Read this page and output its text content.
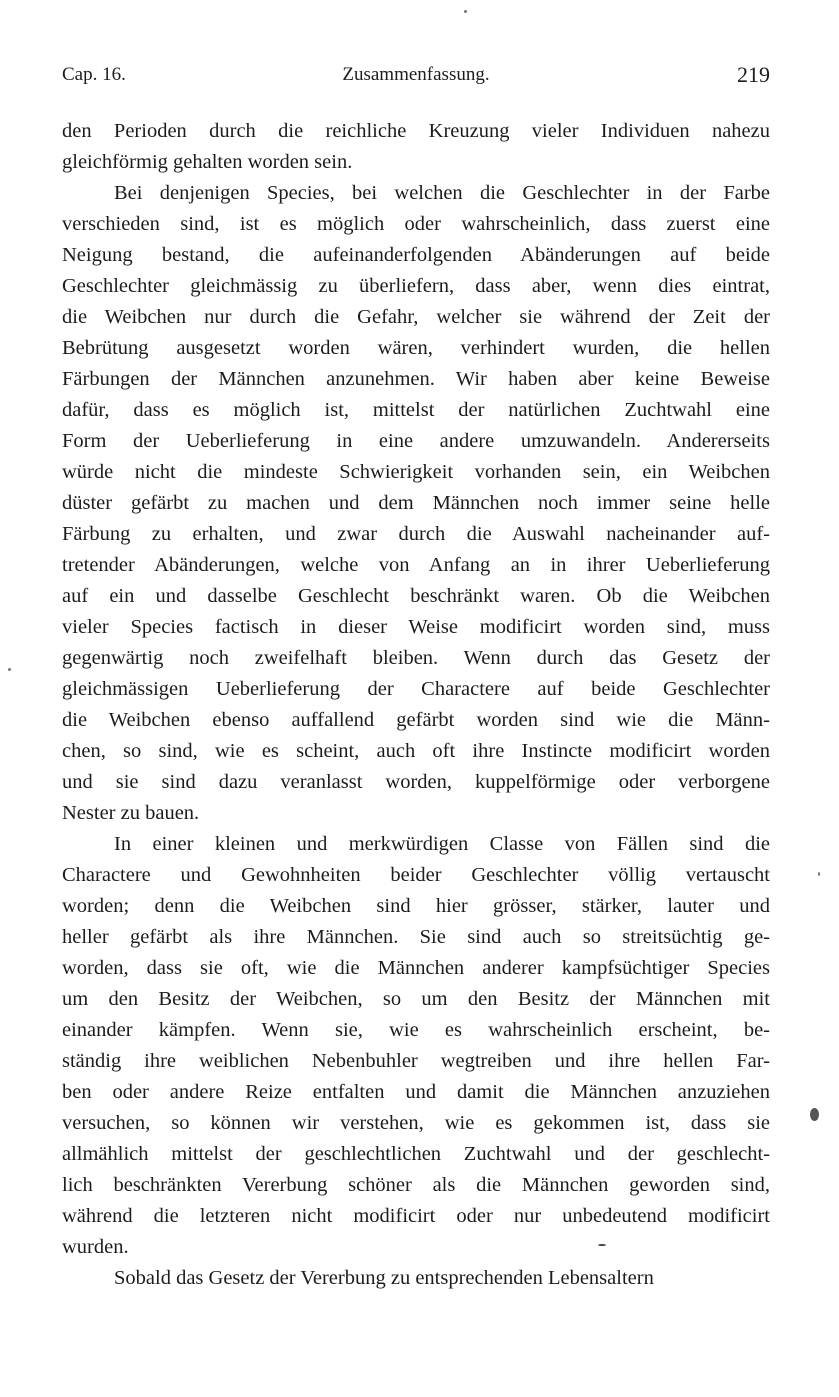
Cap. 16.	Zusammenfassung.	219
den Perioden durch die reichliche Kreuzung vieler Individuen nahezu
gleichförmig gehalten worden sein.
Bei denjenigen Species, bei welchen die Geschlechter in der Farbe
verschieden sind, ist es möglich oder wahrscheinlich, dass zuerst eine
Neigung bestand, die aufeinanderfolgenden Abänderungen auf beide
Geschlechter gleichmässig zu überliefern, dass aber, wenn dies eintrat,
die Weibchen nur durch die Gefahr, welcher sie während der Zeit der
Bebrütung ausgesetzt worden wären, verhindert wurden, die hellen
Färbungen der Männchen anzunehmen. Wir haben aber keine Beweise
dafür, dass es möglich ist, mittelst der natürlichen Zuchtwahl eine
Form der Ueberlieferung in eine andere umzuwandeln. Andererseits
würde nicht die mindeste Schwierigkeit vorhanden sein, ein Weibchen
düster gefärbt zu machen und dem Männchen noch immer seine helle
Färbung zu erhalten, und zwar durch die Auswahl nacheinander auf-
tretender Abänderungen, welche von Anfang an in ihrer Ueberlieferung
auf ein und dasselbe Geschlecht beschränkt waren. Ob die Weibchen
vieler Species factisch in dieser Weise modificirt worden sind, muss
gegenwärtig noch zweifelhaft bleiben. Wenn durch das Gesetz der
gleichmässigen Ueberlieferung der Charactere auf beide Geschlechter
die Weibchen ebenso auffallend gefärbt worden sind wie die Männ-
chen, so sind, wie es scheint, auch oft ihre Instincte modificirt worden
und sie sind dazu veranlasst worden, kuppelförmige oder verborgene
Nester zu bauen.
In einer kleinen und merkwürdigen Classe von Fällen sind die
Charactere und Gewohnheiten beider Geschlechter völlig vertauscht
worden; denn die Weibchen sind hier grösser, stärker, lauter und
heller gefärbt als ihre Männchen. Sie sind auch so streitsüchtig ge-
worden, dass sie oft, wie die Männchen anderer kampfsüchtiger Species
um den Besitz der Weibchen, so um den Besitz der Männchen mit
einander kämpfen. Wenn sie, wie es wahrscheinlich erscheint, be-
ständig ihre weiblichen Nebenbuhler wegtreiben und ihre hellen Far-
ben oder andere Reize entfalten und damit die Männchen anzuziehen
versuchen, so können wir verstehen, wie es gekommen ist, dass sie
allmählich mittelst der geschlechtlichen Zuchtwahl und der geschlecht-
lich beschränkten Vererbung schöner als die Männchen geworden sind,
während die letzteren nicht modificirt oder nur unbedeutend modificirt
wurden.
Sobald das Gesetz der Vererbung zu entsprechenden Lebensaltern
